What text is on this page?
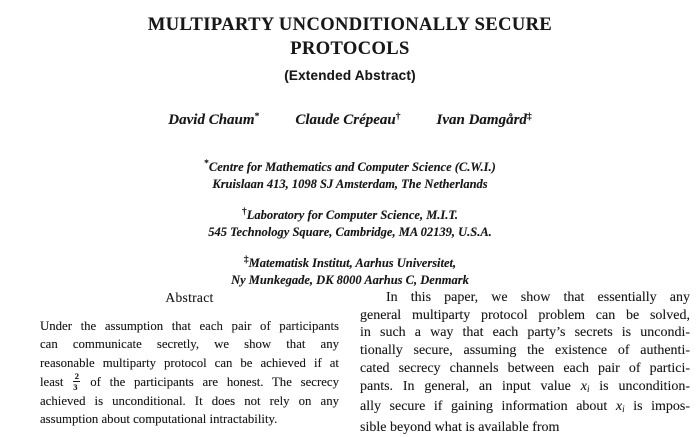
MULTIPARTY UNCONDITIONALLY SECURE
PROTOCOLS
(Extended Abstract)
David Chaum* Claude Crépeau† Ivan Damgård‡
*Centre for Mathematics and Computer Science (C.W.I.)
Kruislaan 413, 1098 SJ Amsterdam, The Netherlands
†Laboratory for Computer Science, M.I.T.
545 Technology Square, Cambridge, MA 02139, U.S.A.
‡Matematisk Institut, Aarhus Universitet,
Ny Munkegade, DK 8000 Aarhus C, Denmark
Abstract
Under the assumption that each pair of participants
can communicate secretly, we show that any
reasonable multiparty protocol can be achieved if at
least $\frac{2}{3}$ of the participants are honest. The secrecy
achieved is unconditional. It does not rely on any
assumption about computational intractability.
In this paper, we show that essentially any
general multiparty protocol problem can be solved,
in such a way that each party’s secrets is uncondi-
tionally secure, assuming the existence of authenti-
cated secrecy channels between each pair of partici-
pants. In general, an input value xi is uncondition-
ally secure if gaining information about xi is impos-
sible beyond what is available from
